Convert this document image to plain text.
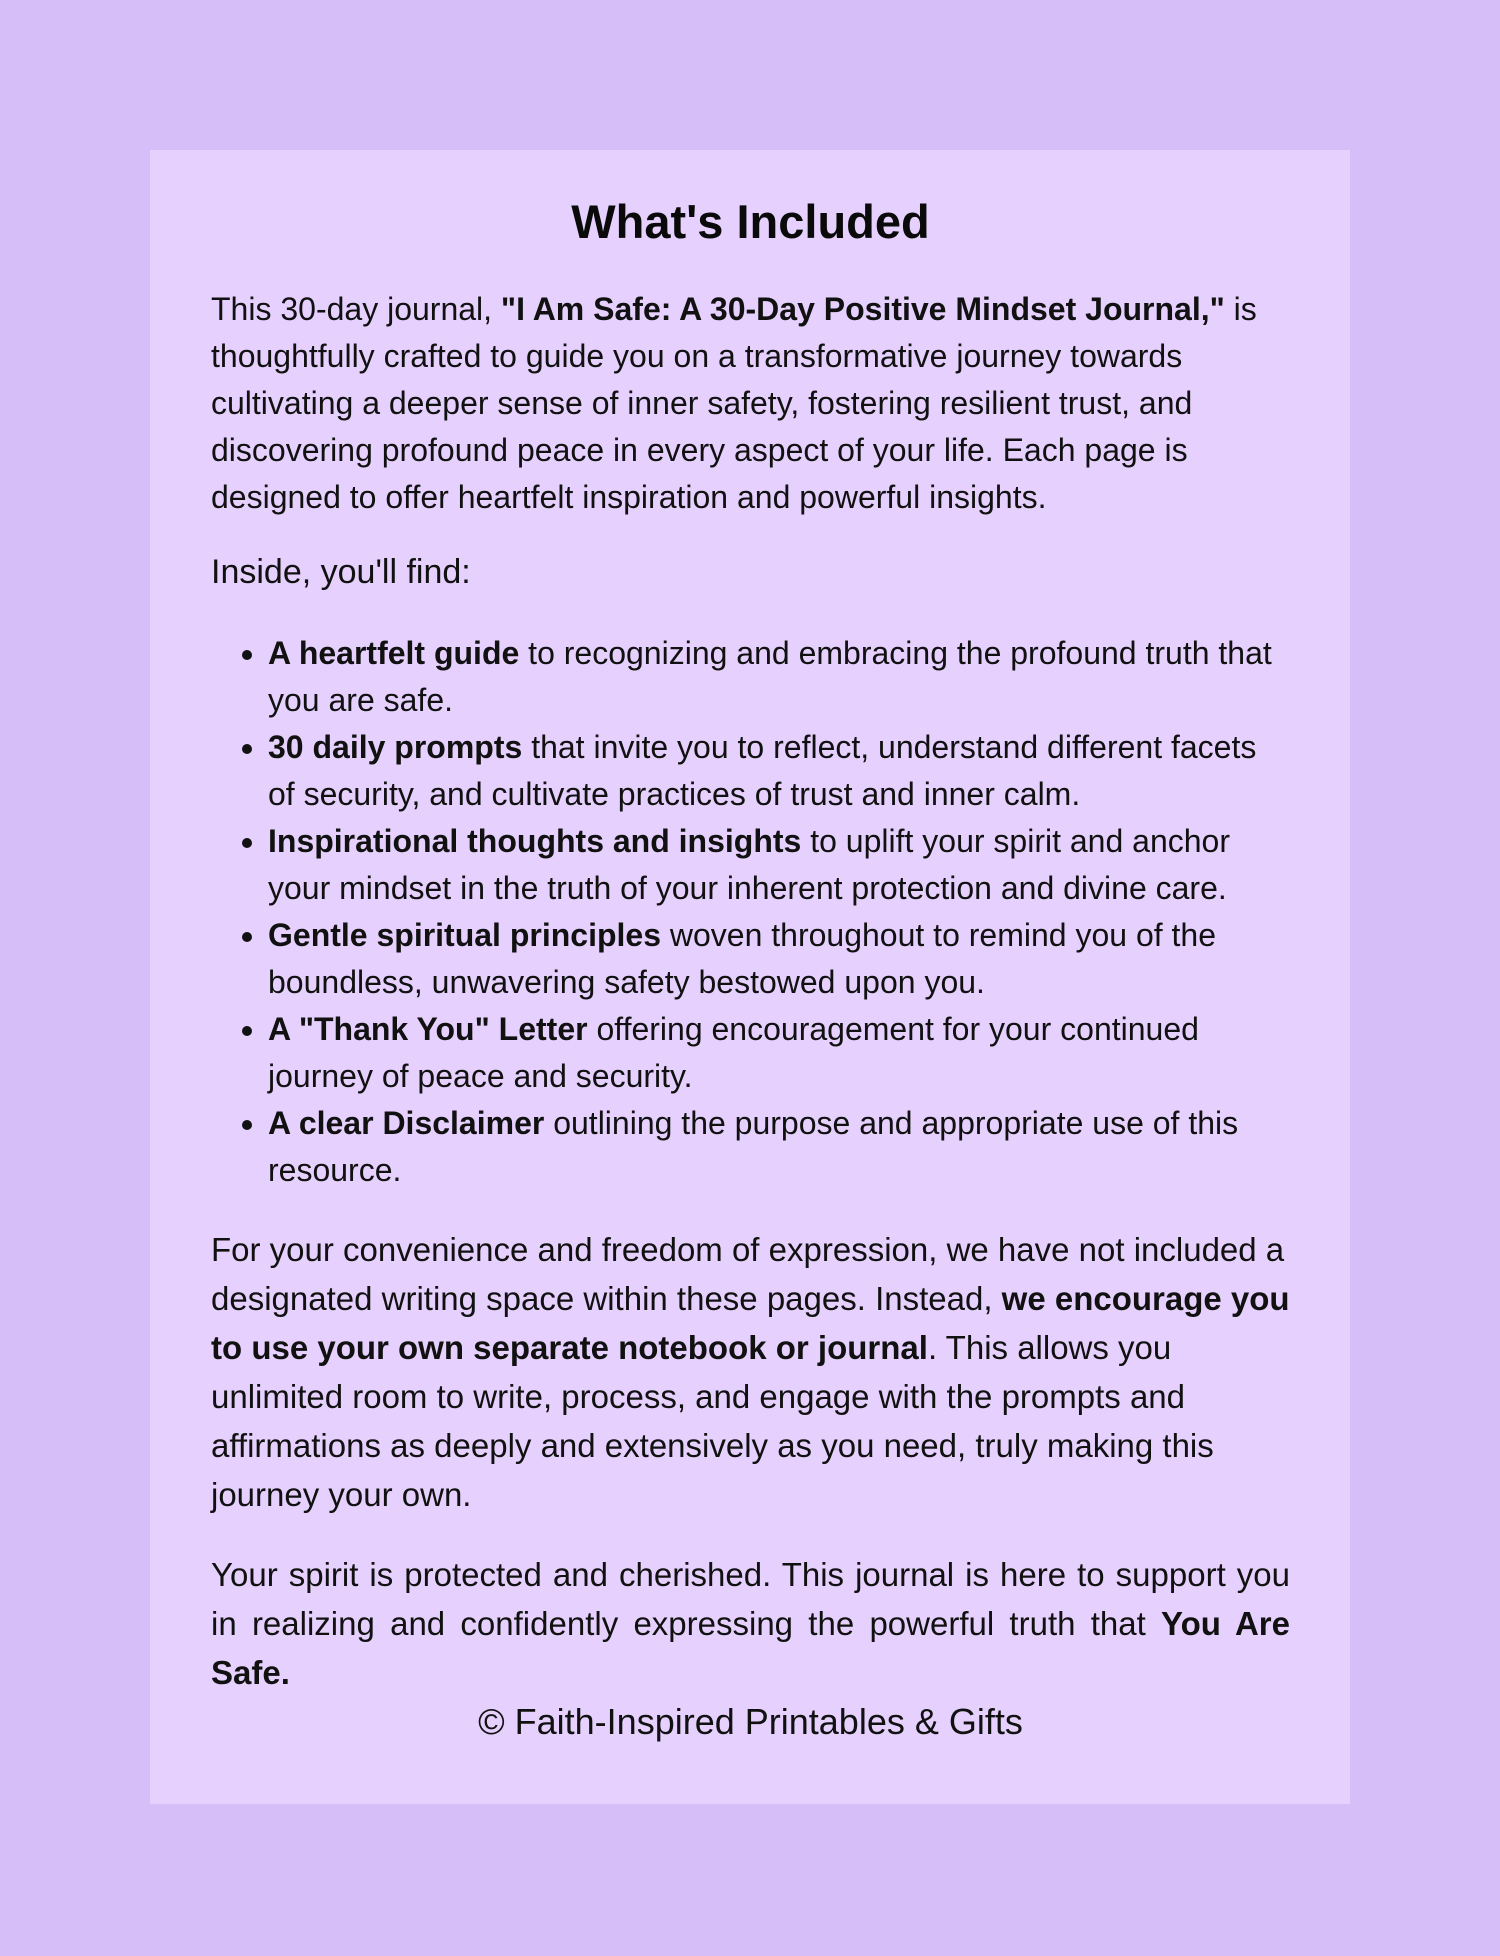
What's Included

This 30-day journal, "I Am Safe: A 30-Day Positive Mindset Journal," is thoughtfully crafted to guide you on a transformative journey towards cultivating a deeper sense of inner safety, fostering resilient trust, and discovering profound peace in every aspect of your life. Each page is designed to offer heartfelt inspiration and powerful insights.

Inside, you'll find:

• A heartfelt guide to recognizing and embracing the profound truth that you are safe.
• 30 daily prompts that invite you to reflect, understand different facets of security, and cultivate practices of trust and inner calm.
• Inspirational thoughts and insights to uplift your spirit and anchor your mindset in the truth of your inherent protection and divine care.
• Gentle spiritual principles woven throughout to remind you of the boundless, unwavering safety bestowed upon you.
• A "Thank You" Letter offering encouragement for your continued journey of peace and security.
• A clear Disclaimer outlining the purpose and appropriate use of this resource.

For your convenience and freedom of expression, we have not included a designated writing space within these pages. Instead, we encourage you to use your own separate notebook or journal. This allows you unlimited room to write, process, and engage with the prompts and affirmations as deeply and extensively as you need, truly making this journey your own.

Your spirit is protected and cherished. This journal is here to support you in realizing and confidently expressing the powerful truth that You Are Safe.

© Faith-Inspired Printables & Gifts
